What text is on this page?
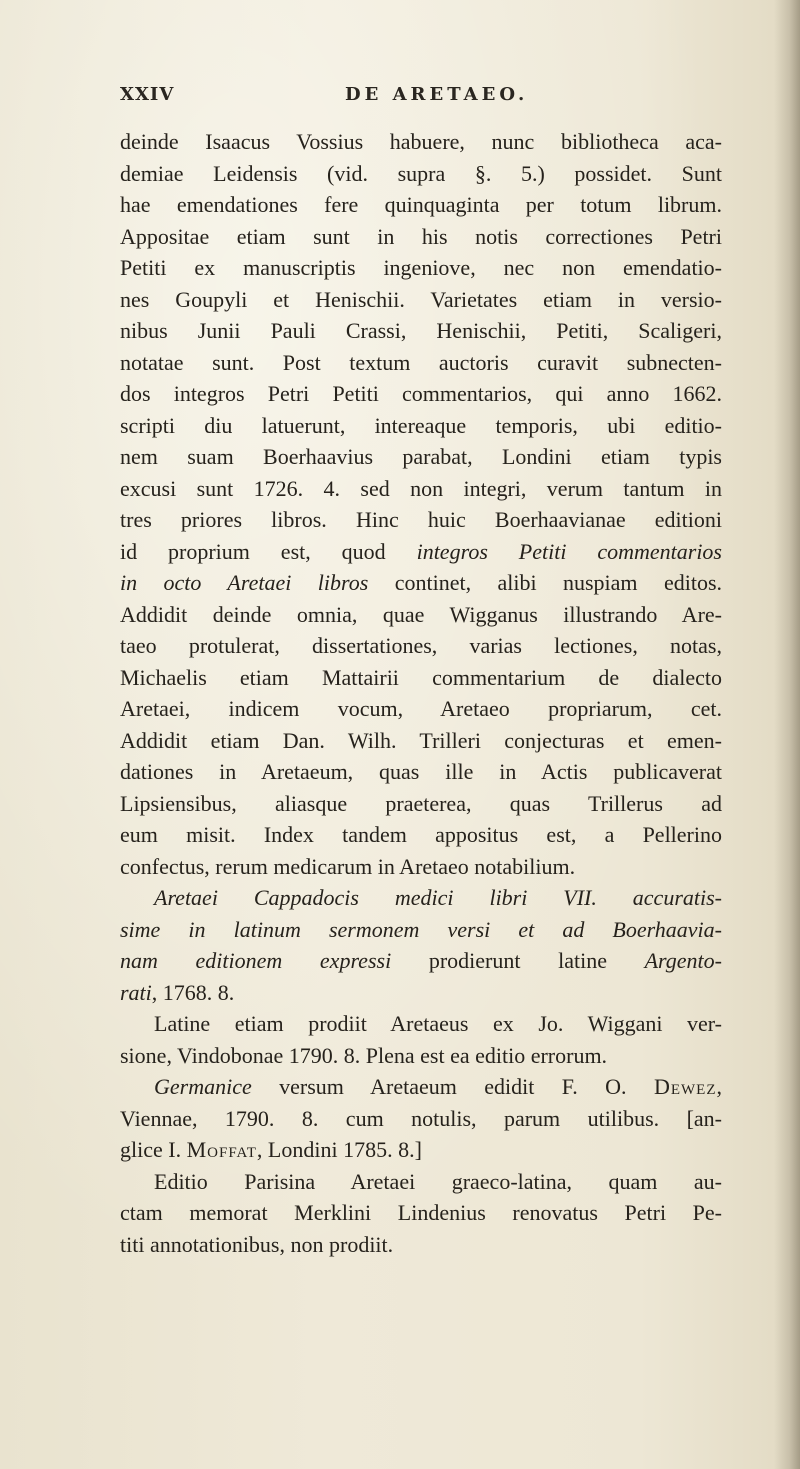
XXIV	DE ARETAEO.

deinde Isaacus Vossius habuere, nunc bibliotheca aca-

demiae Leidensis (vid. supra §. 5.) possidet. Sunt

hae emendationes fere quinquaginta per totum librum.

Appositae etiam sunt in his notis correctiones Petri

Petiti ex manuscriptis ingeniove, nec non emendatio-

nes Goupyli et Henischii. Varietates etiam in versio-

nibus Junii Pauli Crassi, Henischii, Petiti, Scaligeri,

notatae sunt. Post textum auctoris curavit subnecten-

dos integros Petri Petiti commentarios, qui anno 1662.

scripti diu latuerunt, intereaque temporis, ubi editio-

nem suam Boerhaavius parabat, Londini etiam typis

excusi sunt 1726. 4. sed non integri, verum tantum in

tres priores libros. Hinc huic Boerhaavianae editioni

id proprium est, quod integros Petiti commentarios

in octo Aretaei libros continet, alibi nuspiam editos.

Addidit deinde omnia, quae Wigganus illustrando Are-

taeo protulerat, dissertationes, varias lectiones, notas,

Michaelis etiam Mattairii commentarium de dialecto

Aretaei, indicem vocum, Aretaeo propriarum, cet.

Addidit etiam Dan. Wilh. Trilleri conjecturas et emen-

dationes in Aretaeum, quas ille in Actis publicaverat

Lipsiensibus, aliasque praeterea, quas Trillerus ad

eum misit. Index tandem appositus est, a Pellerino

confectus, rerum medicarum in Aretaeo notabilium.

Aretaei Cappadocis medici libri VII. accuratis-

sime in latinum sermonem versi et ad Boerhaavia-

nam editionem expressi prodierunt latine Argento-

rati, 1768. 8.

Latine etiam prodiit Aretaeus ex Jo. Wiggani ver-

sione, Vindobonae 1790. 8. Plena est ea editio errorum.

Germanice versum Aretaeum edidit F. O. Dewez,

Viennae, 1790. 8. cum notulis, parum utilibus. [an-

glice I. Moffat, Londini 1785. 8.]

Editio Parisina Aretaei graeco-latina, quam au-

ctam memorat Merklini Lindenius renovatus Petri Pe-

titi annotationibus, non prodiit.
